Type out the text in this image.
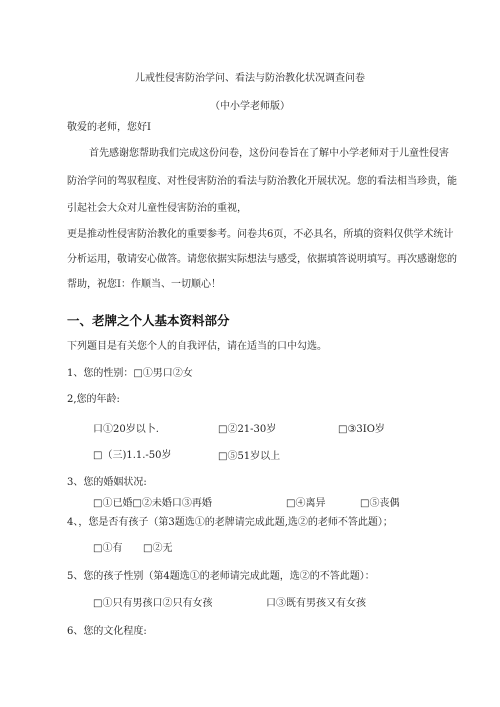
儿戒性侵害防治学问、看法与防治教化状况调查问卷
（中小学老师版）
敬爱的老师，您好I
首先感谢您帮助我们完成这份问卷，这份问卷旨在了解中小学老师对于儿童性侵害
防治学问的驾驭程度、对性侵害防治的看法与防治教化开展状况。您的看法相当珍贵，能
引起社会大众对儿童性侵害防治的重视，
更是推动性侵害防治教化的重要参考。问卷共6页，不必具名，所填的资料仅供学术统计
分析运用，敬请安心做答。请您依据实际想法与感受，依据填答说明填写。再次感谢您的
帮助，祝您I：作顺当、一切顺心！
一、老牌之个人基本资料部分
下列题目是有关您个人的自我评估，请在适当的口中勾选。
1、您的性别：□①男口②女
2,您的年龄:
口①20岁以卜.	□②21-30岁	□③3IO岁
□（三)1.1.-50岁	□⑤51岁以上
3、您的婚姻状况:
□①已婚□②未婚口③再婚	□④离异	□⑤丧偶
4、，您是否有孩子（第3题选①的老牌请完成此题,选②的老师不答此题）；
□①有 □②无
5、您的孩子性别（第4题选①的老师请完成此题，选②的不答此题）：
□①只有男孩口②只有女孩	口③既有男孩又有女孩
6、您的文化程度:
